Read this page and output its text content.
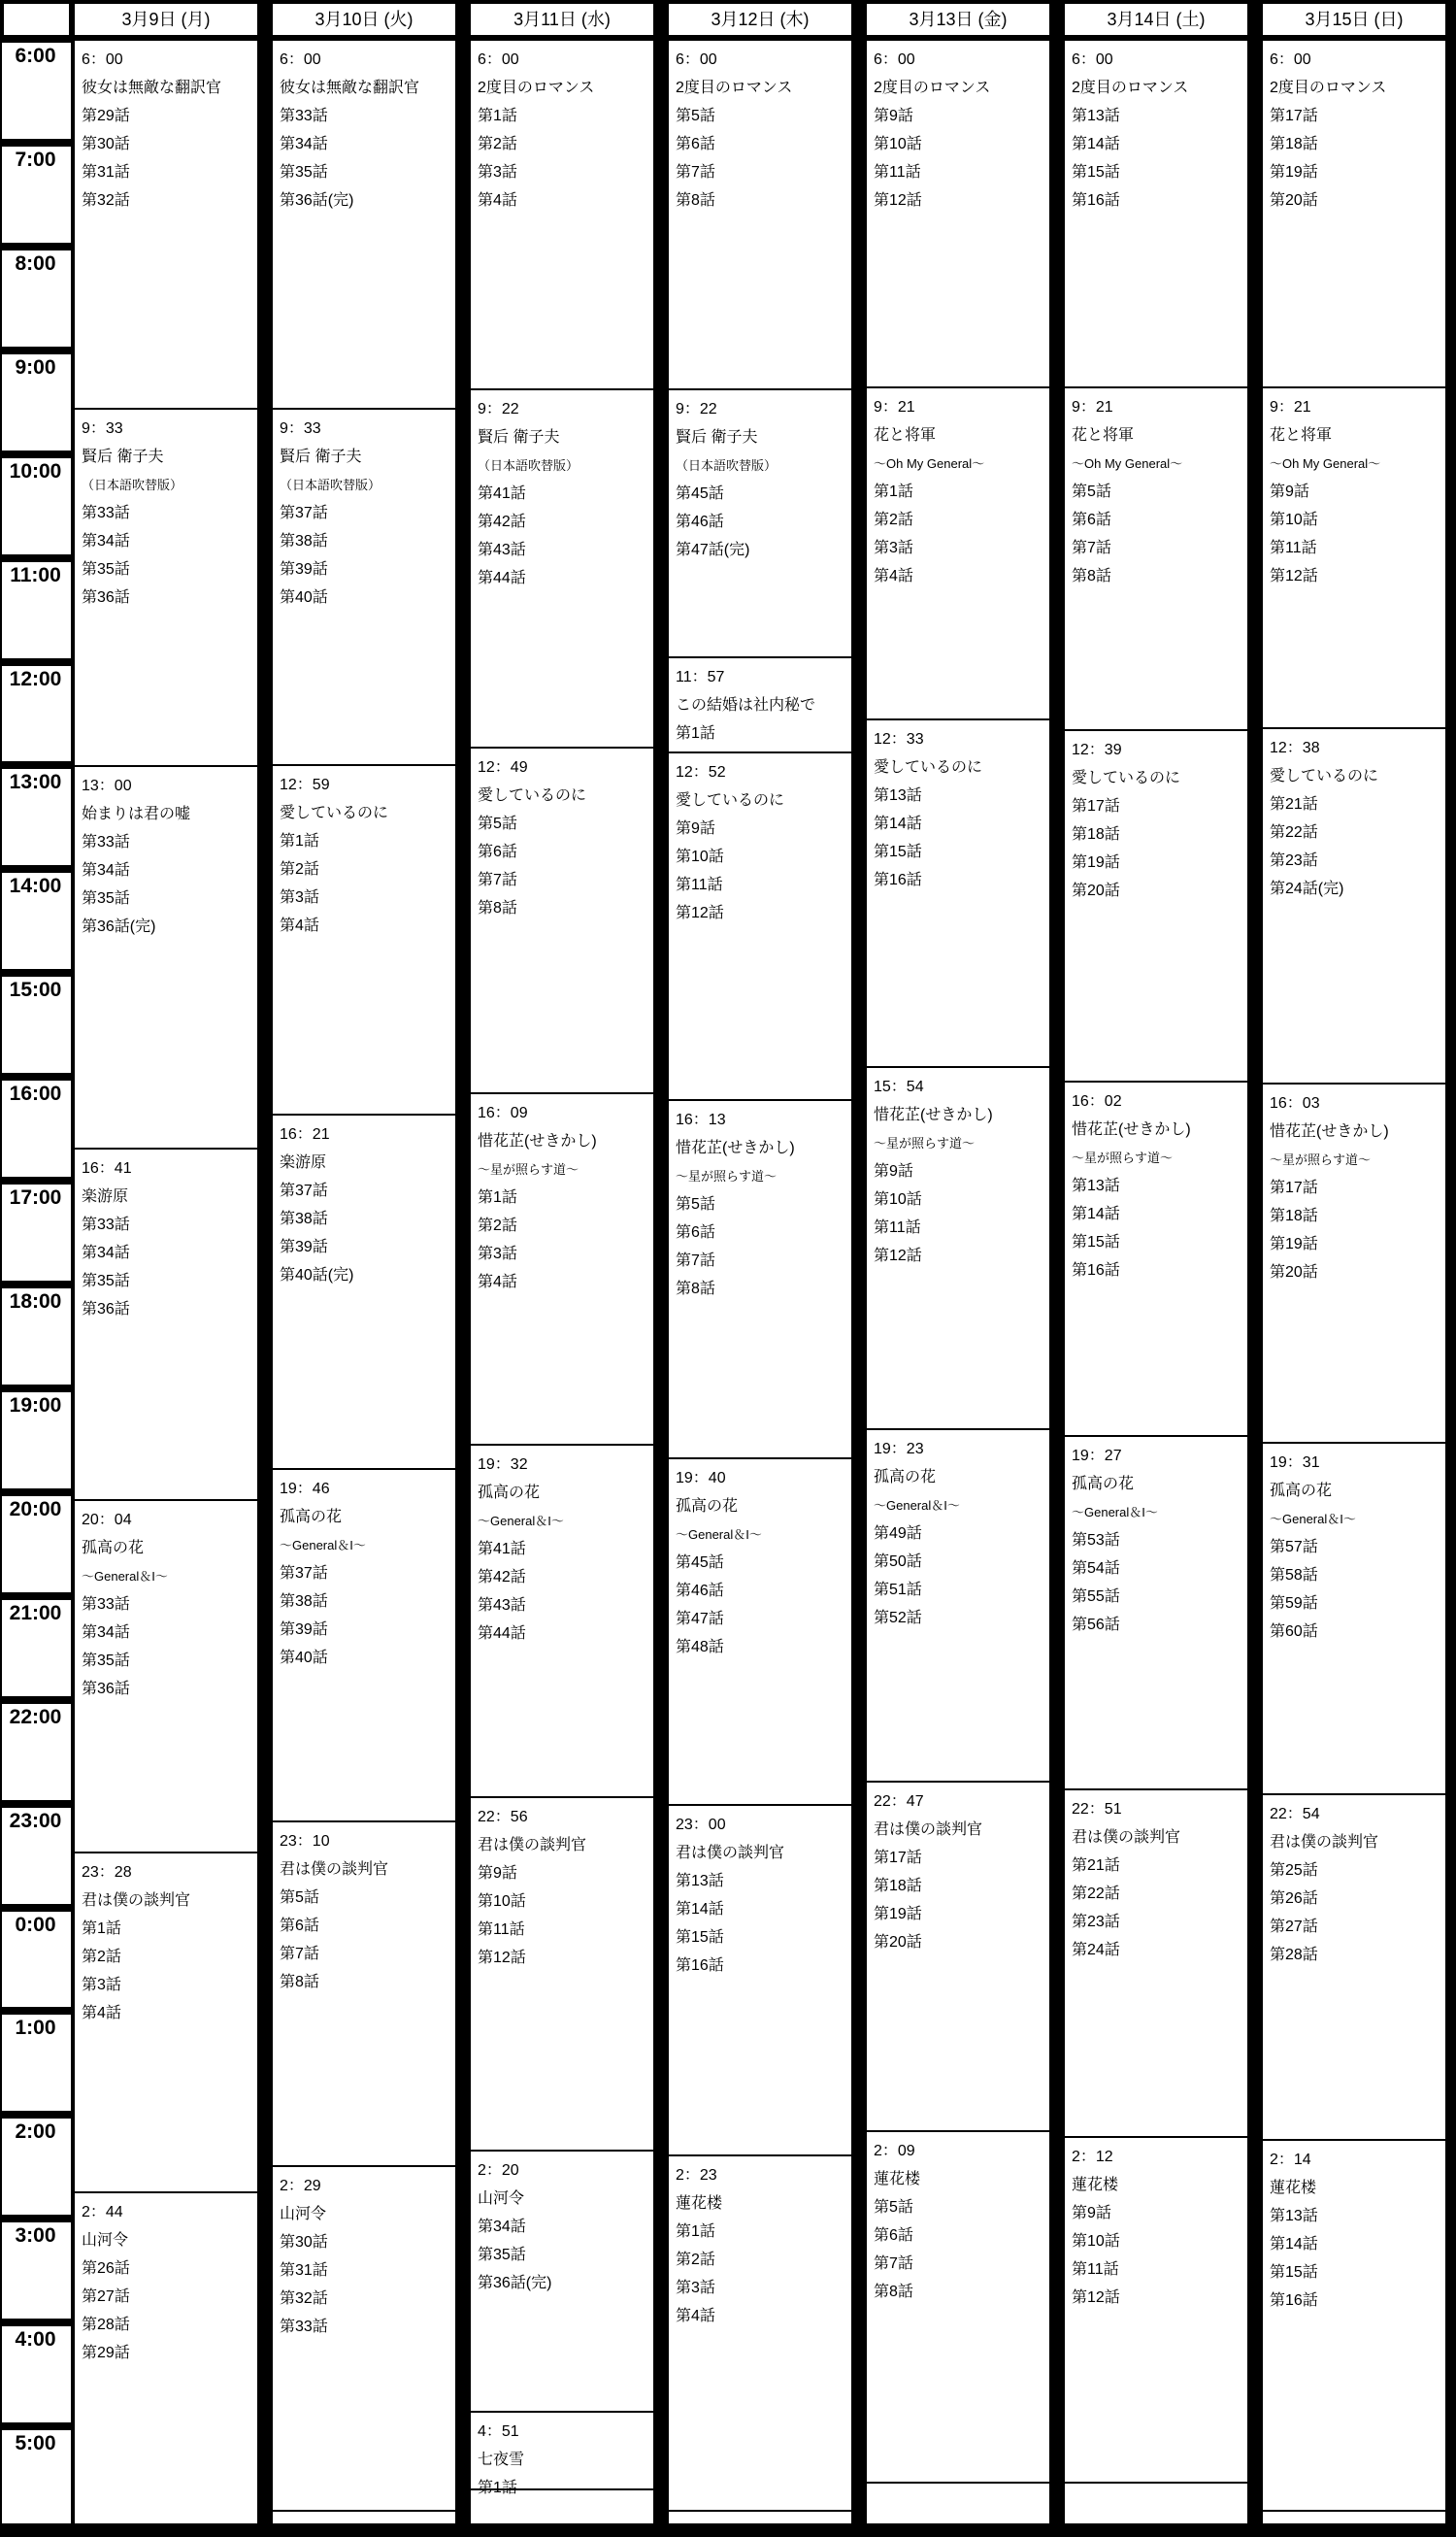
6:00
7:00
8:00
9:00
10:00
11:00
12:00
13:00
14:00
15:00
16:00
17:00
18:00
19:00
20:00
21:00
22:00
23:00
0:00
1:00
2:00
3:00
4:00
5:00
3月9日 (月)
6：00
彼女は無敵な翻訳官
第29話
第30話
第31話
第32話
9：33
賢后 衛子夫
（日本語吹替版）
第33話
第34話
第35話
第36話
13：00
始まりは君の嘘
第33話
第34話
第35話
第36話(完)
16：41
楽游原
第33話
第34話
第35話
第36話
20：04
孤高の花
～General＆I～
第33話
第34話
第35話
第36話
23：28
君は僕の談判官
第1話
第2話
第3話
第4話
2：44
山河令
第26話
第27話
第28話
第29話
3月10日 (火)
6：00
彼女は無敵な翻訳官
第33話
第34話
第35話
第36話(完)
9：33
賢后 衛子夫
（日本語吹替版）
第37話
第38話
第39話
第40話
12：59
愛しているのに
第1話
第2話
第3話
第4話
16：21
楽游原
第37話
第38話
第39話
第40話(完)
19：46
孤高の花
～General＆I～
第37話
第38話
第39話
第40話
23：10
君は僕の談判官
第5話
第6話
第7話
第8話
2：29
山河令
第30話
第31話
第32話
第33話
3月11日 (水)
6：00
2度目のロマンス
第1話
第2話
第3話
第4話
9：22
賢后 衛子夫
（日本語吹替版）
第41話
第42話
第43話
第44話
12：49
愛しているのに
第5話
第6話
第7話
第8話
16：09
惜花芷(せきかし)
～星が照らす道～
第1話
第2話
第3話
第4話
19：32
孤高の花
～General＆I～
第41話
第42話
第43話
第44話
22：56
君は僕の談判官
第9話
第10話
第11話
第12話
2：20
山河令
第34話
第35話
第36話(完)
4：51
七夜雪
3月12日 (木)
6：00
2度目のロマンス
第5話
第6話
第7話
第8話
9：22
賢后 衛子夫
（日本語吹替版）
第45話
第46話
第47話(完)
11：57
この結婚は社内秘で
第1話
12：52
愛しているのに
第9話
第10話
第11話
第12話
16：13
惜花芷(せきかし)
～星が照らす道～
第5話
第6話
第7話
第8話
19：40
孤高の花
～General＆I～
第45話
第46話
第47話
第48話
23：00
君は僕の談判官
第13話
第14話
第15話
第16話
2：23
蓮花楼
第1話
第2話
第3話
第4話
3月13日 (金)
6：00
2度目のロマンス
第9話
第10話
第11話
第12話
9：21
花と将軍
～Oh My General～
第1話
第2話
第3話
第4話
12：33
愛しているのに
第13話
第14話
第15話
第16話
15：54
惜花芷(せきかし)
～星が照らす道～
第9話
第10話
第11話
第12話
19：23
孤高の花
～General＆I～
第49話
第50話
第51話
第52話
22：47
君は僕の談判官
第17話
第18話
第19話
第20話
2：09
蓮花楼
第5話
第6話
第7話
第8話
3月14日 (土)
6：00
2度目のロマンス
第13話
第14話
第15話
第16話
9：21
花と将軍
～Oh My General～
第5話
第6話
第7話
第8話
12：39
愛しているのに
第17話
第18話
第19話
第20話
16：02
惜花芷(せきかし)
～星が照らす道～
第13話
第14話
第15話
第16話
19：27
孤高の花
～General＆I～
第53話
第54話
第55話
第56話
22：51
君は僕の談判官
第21話
第22話
第23話
第24話
2：12
蓮花楼
第9話
第10話
第11話
第12話
3月15日 (日)
6：00
2度目のロマンス
第17話
第18話
第19話
第20話
9：21
花と将軍
～Oh My General～
第9話
第10話
第11話
第12話
12：38
愛しているのに
第21話
第22話
第23話
第24話(完)
16：03
惜花芷(せきかし)
～星が照らす道～
第17話
第18話
第19話
第20話
19：31
孤高の花
～General＆I～
第57話
第58話
第59話
第60話
22：54
君は僕の談判官
第25話
第26話
第27話
第28話
2：14
蓮花楼
第13話
第14話
第15話
第16話
